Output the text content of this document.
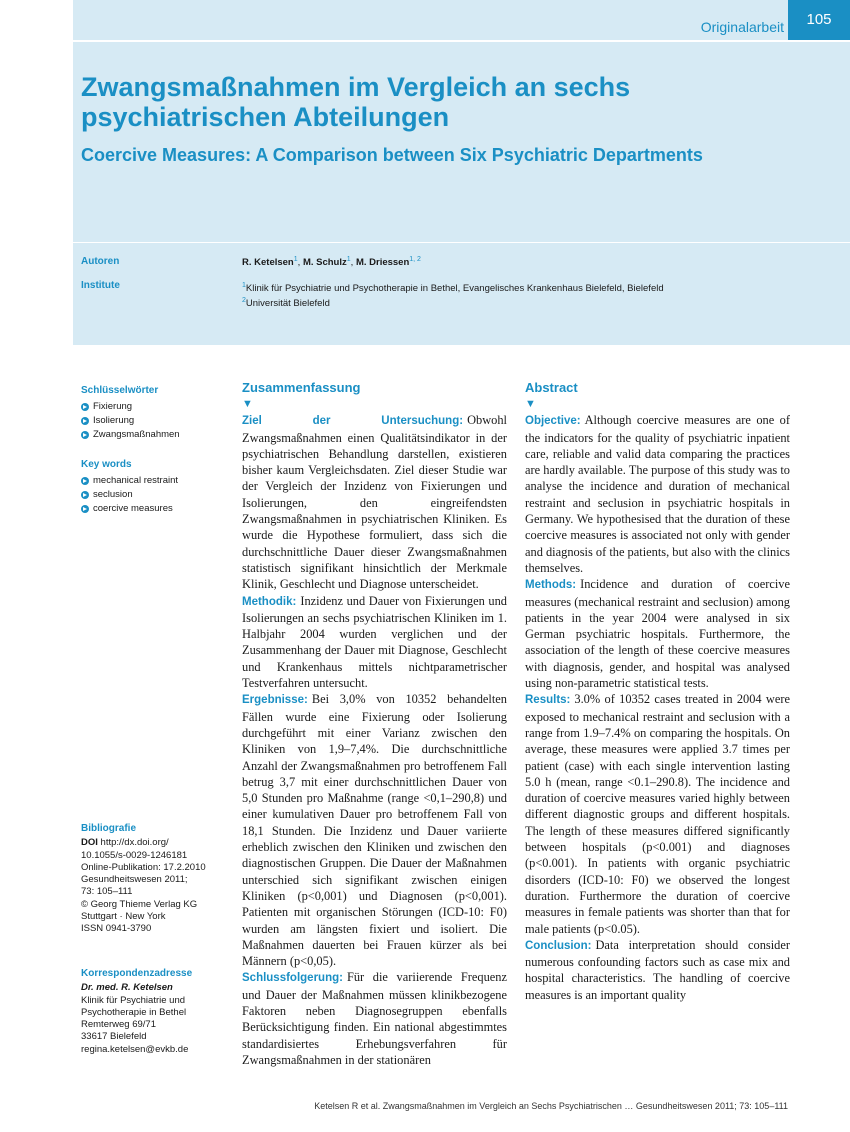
Originalarbeit	105
Zwangsmaßnahmen im Vergleich an sechs psychiatrischen Abteilungen
Coercive Measures: A Comparison between Six Psychiatric Departments
Autoren	R. Ketelsen$^1$, M. Schulz$^1$, M. Driessen$^{1, 2}$
Institute	$^1$Klinik für Psychiatrie und Psychotherapie in Bethel, Evangelisches Krankenhaus Bielefeld, Bielefeld
$^2$Universität Bielefeld
Schlüsselwörter
Fixierung
Isolierung
Zwangsmaßnahmen
Key words
mechanical restraint
seclusion
coercive measures
Bibliografie
DOI http://dx.doi.org/
10.1055/s-0029-1246181
Online-Publikation: 17.2.2010
Gesundheitswesen 2011;
73: 105–111
© Georg Thieme Verlag KG
Stuttgart · New York
ISSN 0941-3790
Korrespondenzadresse
Dr. med. R. Ketelsen
Klinik für Psychiatrie und
Psychotherapie in Bethel
Remterweg 69/71
33617 Bielefeld
regina.ketelsen@evkb.de
Zusammenfassung
▼

Ziel der Untersuchung: Obwohl Zwangsmaßnahmen einen Qualitätsindikator in der psychiatrischen Behandlung darstellen, existieren bisher kaum Vergleichsdaten. Ziel dieser Studie war der Vergleich der Inzidenz von Fixierungen und Isolierungen, den eingreifendsten Zwangsmaßnahmen in psychiatrischen Kliniken. Es wurde die Hypothese formuliert, dass sich die durchschnittliche Dauer dieser Zwangsmaßnahmen statistisch signifikant hinsichtlich der Merkmale Klinik, Geschlecht und Diagnose unterscheidet.

Methodik: Inzidenz und Dauer von Fixierungen und Isolierungen an sechs psychiatrischen Kliniken im 1. Halbjahr 2004 wurden verglichen und der Zusammenhang der Dauer mit Diagnose, Geschlecht und Krankenhaus mittels nichtparametrischer Testverfahren untersucht.

Ergebnisse: Bei 3,0% von 10352 behandelten Fällen wurde eine Fixierung oder Isolierung durchgeführt mit einer Varianz zwischen den Kliniken von 1,9–7,4%. Die durchschnittliche Anzahl der Zwangsmaßnahmen pro betroffenem Fall betrug 3,7 mit einer durchschnittlichen Dauer von 5,0 Stunden pro Maßnahme (range <0,1–290,8) und einer kumulativen Dauer pro betroffenem Fall von 18,1 Stunden. Die Inzidenz und Dauer variierte erheblich zwischen den Kliniken und zwischen den diagnostischen Gruppen. Die Dauer der Maßnahmen unterschied sich signifikant zwischen einigen Kliniken (p<0,001) und Diagnosen (p<0,001). Patienten mit organischen Störungen (ICD-10: F0) wurden am längsten fixiert und isoliert. Die Maßnahmen dauerten bei Frauen kürzer als bei Männern (p<0,05).

Schlussfolgerung: Für die variierende Frequenz und Dauer der Maßnahmen müssen klinikbezogene Faktoren neben Diagnosegruppen ebenfalls Berücksichtigung finden. Ein national abgestimmtes standardisiertes Erhebungsverfahren für Zwangsmaßnahmen in der stationären

Abstract
▼

Objective: Although coercive measures are one of the indicators for the quality of psychiatric inpatient care, reliable and valid data comparing the practices are hardly available. The purpose of this study was to analyse the incidence and duration of mechanical restraint and seclusion in psychiatric hospitals in Germany. We hypothesised that the duration of these coercive measures is associated not only with gender and diagnosis of the patients, but also with the clinics themselves.

Methods: Incidence and duration of coercive measures (mechanical restraint and seclusion) among patients in the year 2004 were analysed in six German psychiatric hospitals. Furthermore, the association of the length of these coercive measures with diagnosis, gender, and hospital was analysed using non-parametric statistical tests.

Results: 3.0% of 10352 cases treated in 2004 were exposed to mechanical restraint and seclusion with a range from 1.9–7.4% on comparing the hospitals. On average, these measures were applied 3.7 times per patient (case) with each single intervention lasting 5.0 h (mean, range <0.1–290.8). The incidence and duration of coercive measures varied highly between different diagnostic groups and different hospitals. The length of these measures differed significantly between hospitals (p<0.001) and diagnoses (p<0.001). In patients with organic psychiatric disorders (ICD-10: F0) we observed the longest duration. Furthermore the duration of coercive measures in female patients was shorter than that for male patients (p<0.05).

Conclusion: Data interpretation should consider numerous confounding factors such as case mix and hospital characteristics. The handling of coercive measures is an important quality

Ketelsen R et al. Zwangsmaßnahmen im Vergleich an Sechs Psychiatrischen … Gesundheitswesen 2011; 73: 105–111
